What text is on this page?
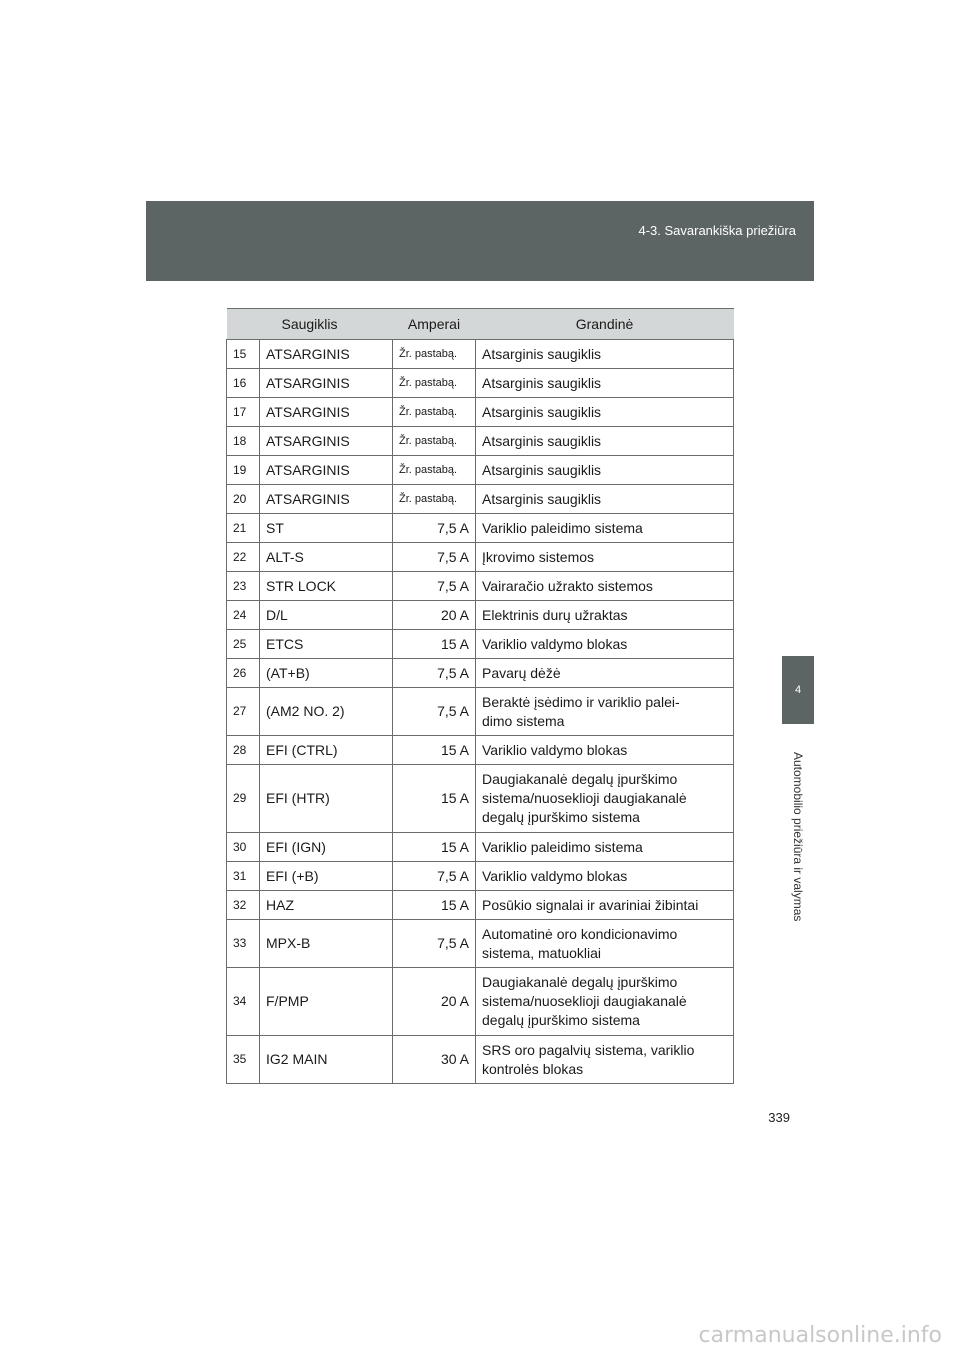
4-3. Savarankiška priežiūra
4
Automobilio priežiūra ir valymas
Saugiklis		Amperai	Grandinė
15	ATSARGINIS	Žr. pastabą.	Atsarginis saugiklis
16	ATSARGINIS	Žr. pastabą.	Atsarginis saugiklis
17	ATSARGINIS	Žr. pastabą.	Atsarginis saugiklis
18	ATSARGINIS	Žr. pastabą.	Atsarginis saugiklis
19	ATSARGINIS	Žr. pastabą.	Atsarginis saugiklis
20	ATSARGINIS	Žr. pastabą.	Atsarginis saugiklis
21	ST	7,5 A	Variklio paleidimo sistema
22	ALT-S	7,5 A	Įkrovimo sistemos
23	STR LOCK	7,5 A	Vairaračio užrakto sistemos
24	D/L	20 A	Elektrinis durų užraktas
25	ETCS	15 A	Variklio valdymo blokas
26	(AT+B)	7,5 A	Pavarų dėžė
27	(AM2 NO. 2)	7,5 A	Beraktė įsėdimo ir variklio palei-
dimo sistema
28	EFI (CTRL)	15 A	Variklio valdymo blokas
29	EFI (HTR)	15 A	Daugiakanalė degalų įpurškimo
sistema/nuoseklioji daugiakanalė
degalų įpurškimo sistema
30	EFI (IGN)	15 A	Variklio paleidimo sistema
31	EFI (+B)	7,5 A	Variklio valdymo blokas
32	HAZ	15 A	Posūkio signalai ir avariniai žibintai
33	MPX-B	7,5 A	Automatinė oro kondicionavimo
sistema, matuokliai
34	F/PMP	20 A	Daugiakanalė degalų įpurškimo
sistema/nuoseklioji daugiakanalė
degalų įpurškimo sistema
35	IG2 MAIN	30 A	SRS oro pagalvių sistema, variklio
kontrolės blokas
339
carmanualsonline.info
